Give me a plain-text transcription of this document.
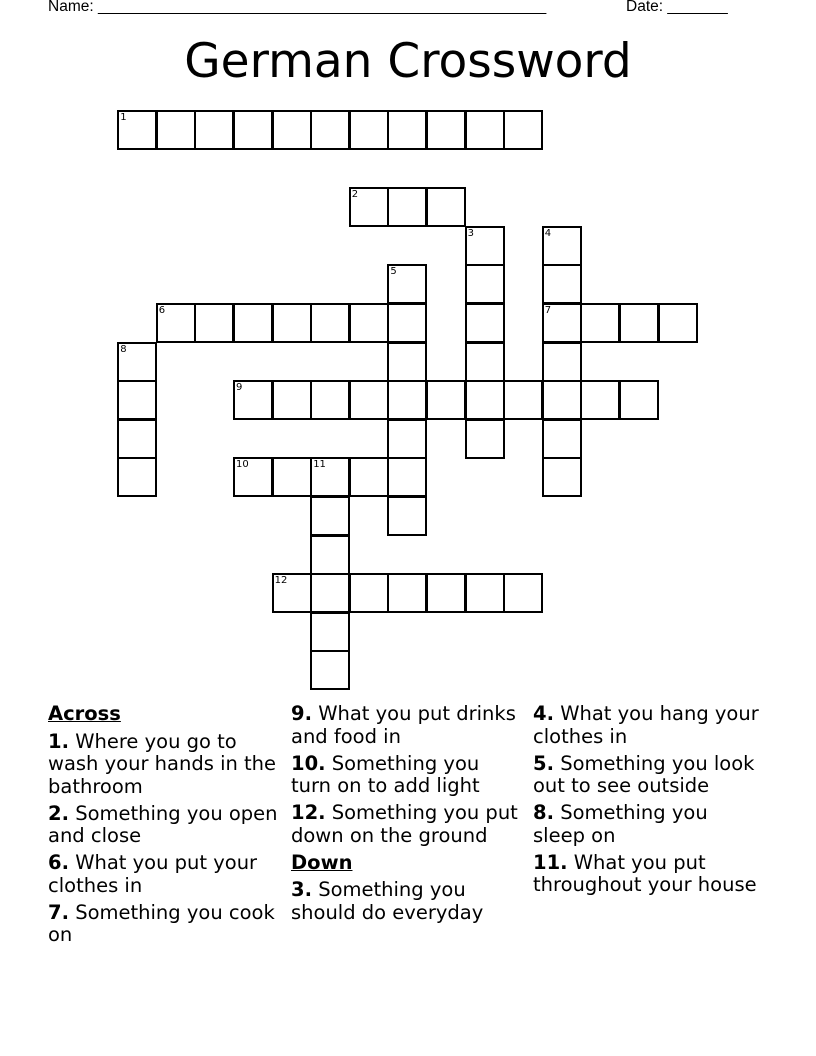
Name: ____________________________________________________	Date: _______
German Crossword
1
2
3	4
7
5
6
8
9
10	11
12
Across
1. Where you go to wash your hands in the bathroom
2. Something you open and close
6. What you put your clothes in
7. Something you cook on
9. What you put drinks and food in
10. Something you turn on to add light
12. Something you put down on the ground
Down
3. Something you should do everyday
4. What you hang your clothes in
5. Something you look out to see outside
8. Something you sleep on
11. What you put throughout your house
